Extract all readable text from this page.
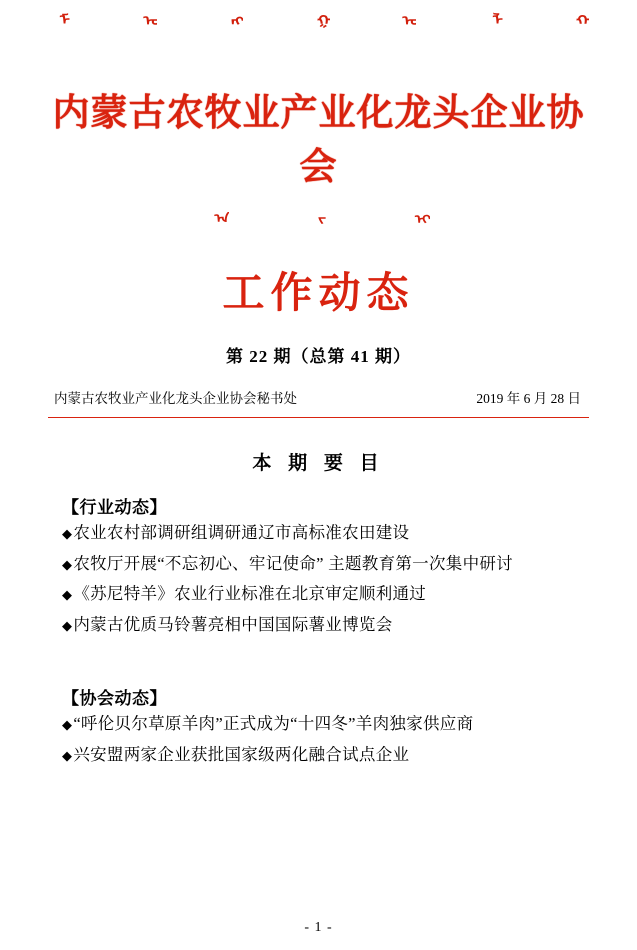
ᠮ	ᠣ	ᠩ	ᠭ	ᠣ	ᠯ	ᠬ
内蒙古农牧业产业化龙头企业协会
ᠠ	ᠵ	ᠢ
工作动态
第 22 期（总第 41 期）
内蒙古农牧业产业化龙头企业协会秘书处	2019 年 6 月 28 日
本 期 要 目
【行业动态】
◆农业农村部调研组调研通辽市高标准农田建设
◆农牧厅开展“不忘初心、牢记使命” 主题教育第一次集中研讨
◆《苏尼特羊》农业行业标准在北京审定顺利通过
◆内蒙古优质马铃薯亮相中国国际薯业博览会
【协会动态】
◆“呼伦贝尔草原羊肉”正式成为“十四冬”羊肉独家供应商
◆兴安盟两家企业获批国家级两化融合试点企业
- 1 -
